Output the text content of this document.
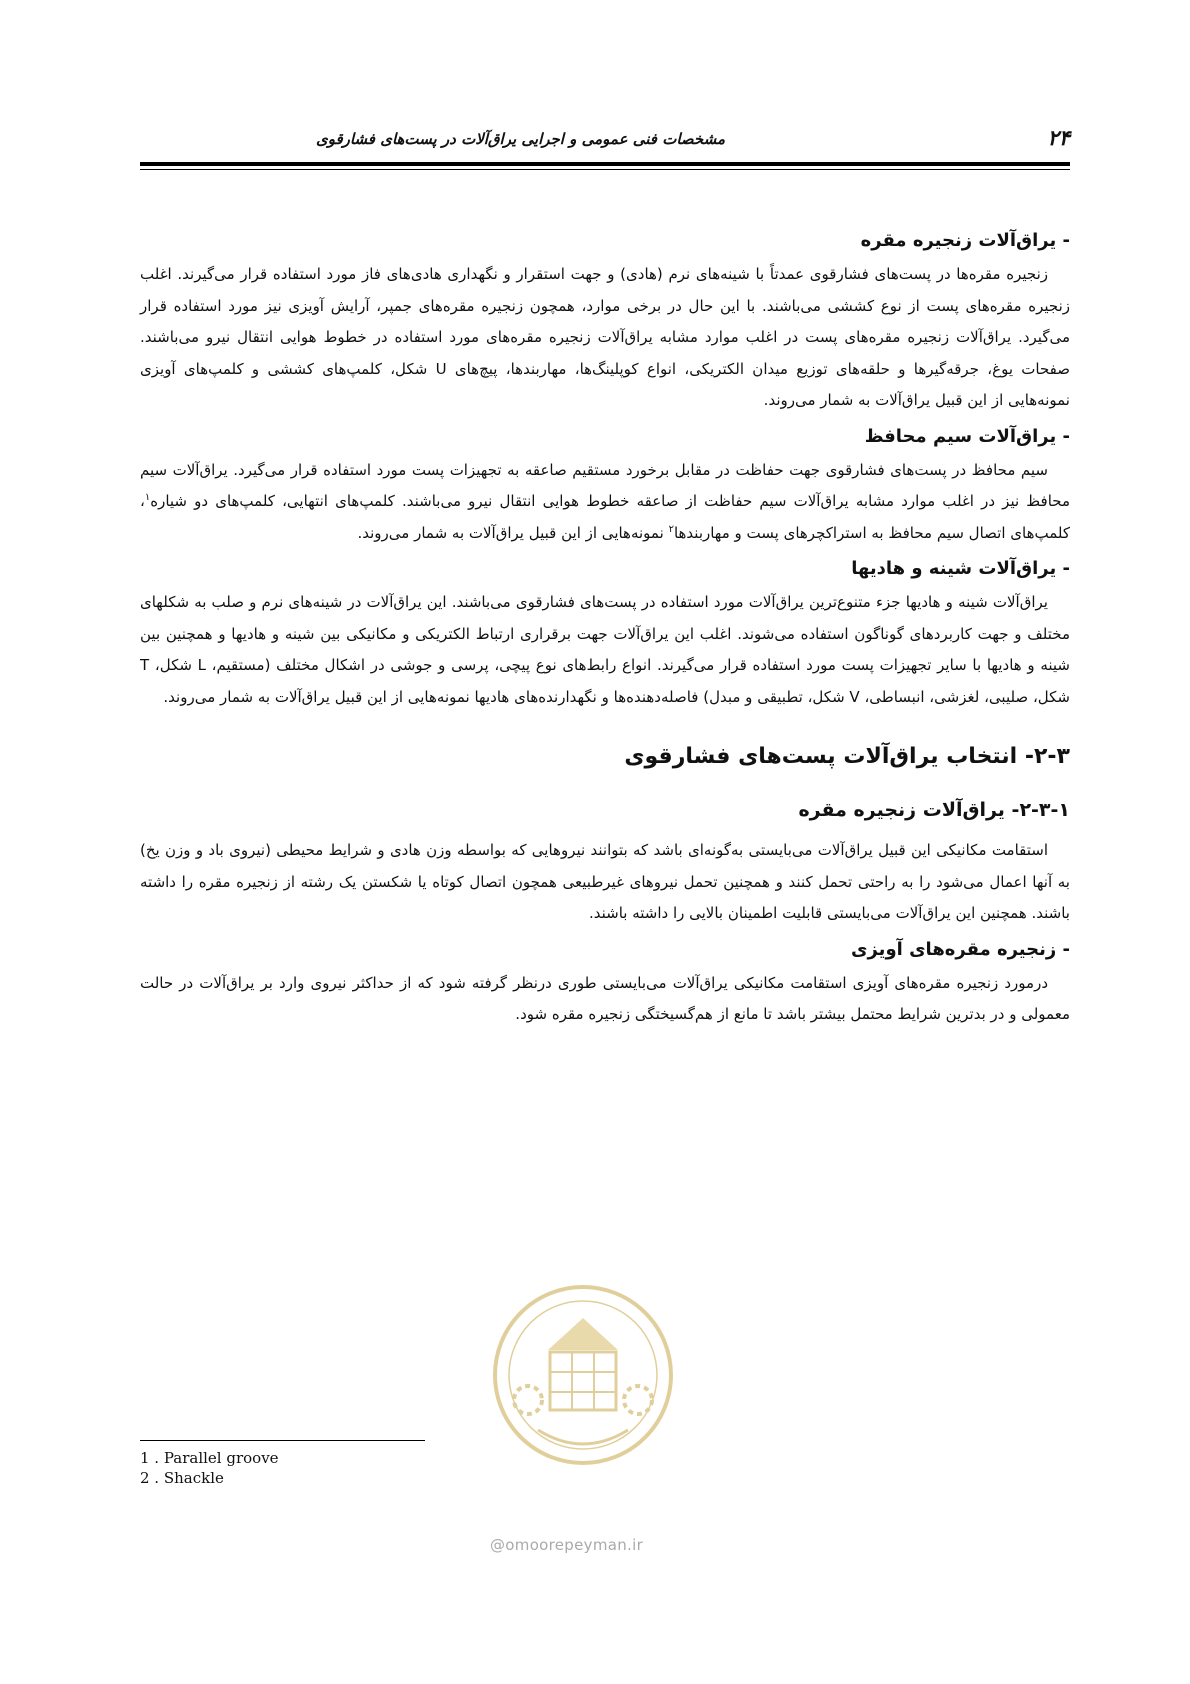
۲۴
مشخصات فنی عمومی و اجرایی یراق‌آلات در پست‌های فشارقوی
- یراق‌آلات زنجیره مقره

زنجیره مقره‌ها در پست‌های فشارقوی عمدتاً با شینه‌های نرم (هادی) و جهت استقرار و نگهداری هادی‌های فاز مورد استفاده قرار می‌گیرند. اغلب زنجیره مقره‌های پست از نوع کششی می‌باشند. با این حال در برخی موارد، همچون زنجیره مقره‌های جمپر، آرایش آویزی نیز مورد استفاده قرار می‌گیرد. یراق‌آلات زنجیره مقره‌های پست در اغلب موارد مشابه یراق‌آلات زنجیره مقره‌های مورد استفاده در خطوط هوایی انتقال نیرو می‌باشند. صفحات یوغ، جرقه‌گیرها و حلقه‌های توزیع میدان الکتریکی، انواع کوپلینگ‌ها، مهاربندها، پیچ‌های U شکل، کلمپ‌های کششی و کلمپ‌های آویزی نمونه‌هایی از این قبیل یراق‌آلات به شمار می‌روند.

- یراق‌آلات سیم محافظ

سیم محافظ در پست‌های فشارقوی جهت حفاظت در مقابل برخورد مستقیم صاعقه به تجهیزات پست مورد استفاده قرار می‌گیرد. یراق‌آلات سیم محافظ نیز در اغلب موارد مشابه یراق‌آلات سیم حفاظت از صاعقه خطوط هوایی انتقال نیرو می‌باشند. کلمپ‌های انتهایی، کلمپ‌های دو شیاره$^۱$، کلمپ‌های اتصال سیم محافظ به استراکچرهای پست و مهاربندها$^۲$ نمونه‌هایی از این قبیل یراق‌آلات به شمار می‌روند.

- یراق‌آلات شینه و هادیها

یراق‌آلات شینه و هادیها جزء متنوع‌ترین یراق‌آلات مورد استفاده در پست‌های فشارقوی می‌باشند. این یراق‌آلات در شینه‌های نرم و صلب به شکلهای مختلف و جهت کاربردهای گوناگون استفاده می‌شوند. اغلب این یراق‌آلات جهت برقراری ارتباط الکتریکی و مکانیکی بین شینه و هادیها و همچنین بین شینه و هادیها با سایر تجهیزات پست مورد استفاده قرار می‌گیرند. انواع رابط‌های نوع پیچی، پرسی و جوشی در اشکال مختلف (مستقیم، L شکل، T شکل، صلیبی، لغزشی، انبساطی، V شکل، تطبیقی و مبدل) فاصله‌دهنده‌ها و نگهدارنده‌های هادیها نمونه‌هایی از این قبیل یراق‌آلات به شمار می‌روند.

۲-۳- انتخاب یراق‌آلات پست‌های فشارقوی
۲-۳-۱- یراق‌آلات زنجیره مقره

استقامت مکانیکی این قبیل یراق‌آلات می‌بایستی به‌گونه‌ای باشد که بتوانند نیروهایی که بواسطه وزن هادی و شرایط محیطی (نیروی باد و وزن یخ) به آنها اعمال می‌شود را به راحتی تحمل کنند و همچنین تحمل نیروهای غیرطبیعی همچون اتصال کوتاه یا شکستن یک رشته از زنجیره مقره را داشته باشند. همچنین این یراق‌آلات می‌بایستی قابلیت اطمینان بالایی را داشته باشند.

- زنجیره مقره‌های آویزی

درمورد زنجیره مقره‌های آویزی استقامت مکانیکی یراق‌آلات می‌بایستی طوری درنظر گرفته شود که از حداکثر نیروی وارد بر یراق‌آلات در حالت معمولی و در بدترین شرایط محتمل بیشتر باشد تا مانع از هم‌گسیختگی زنجیره مقره شود.

1 . Parallel groove
2 . Shackle
@omoorepeyman.ir
